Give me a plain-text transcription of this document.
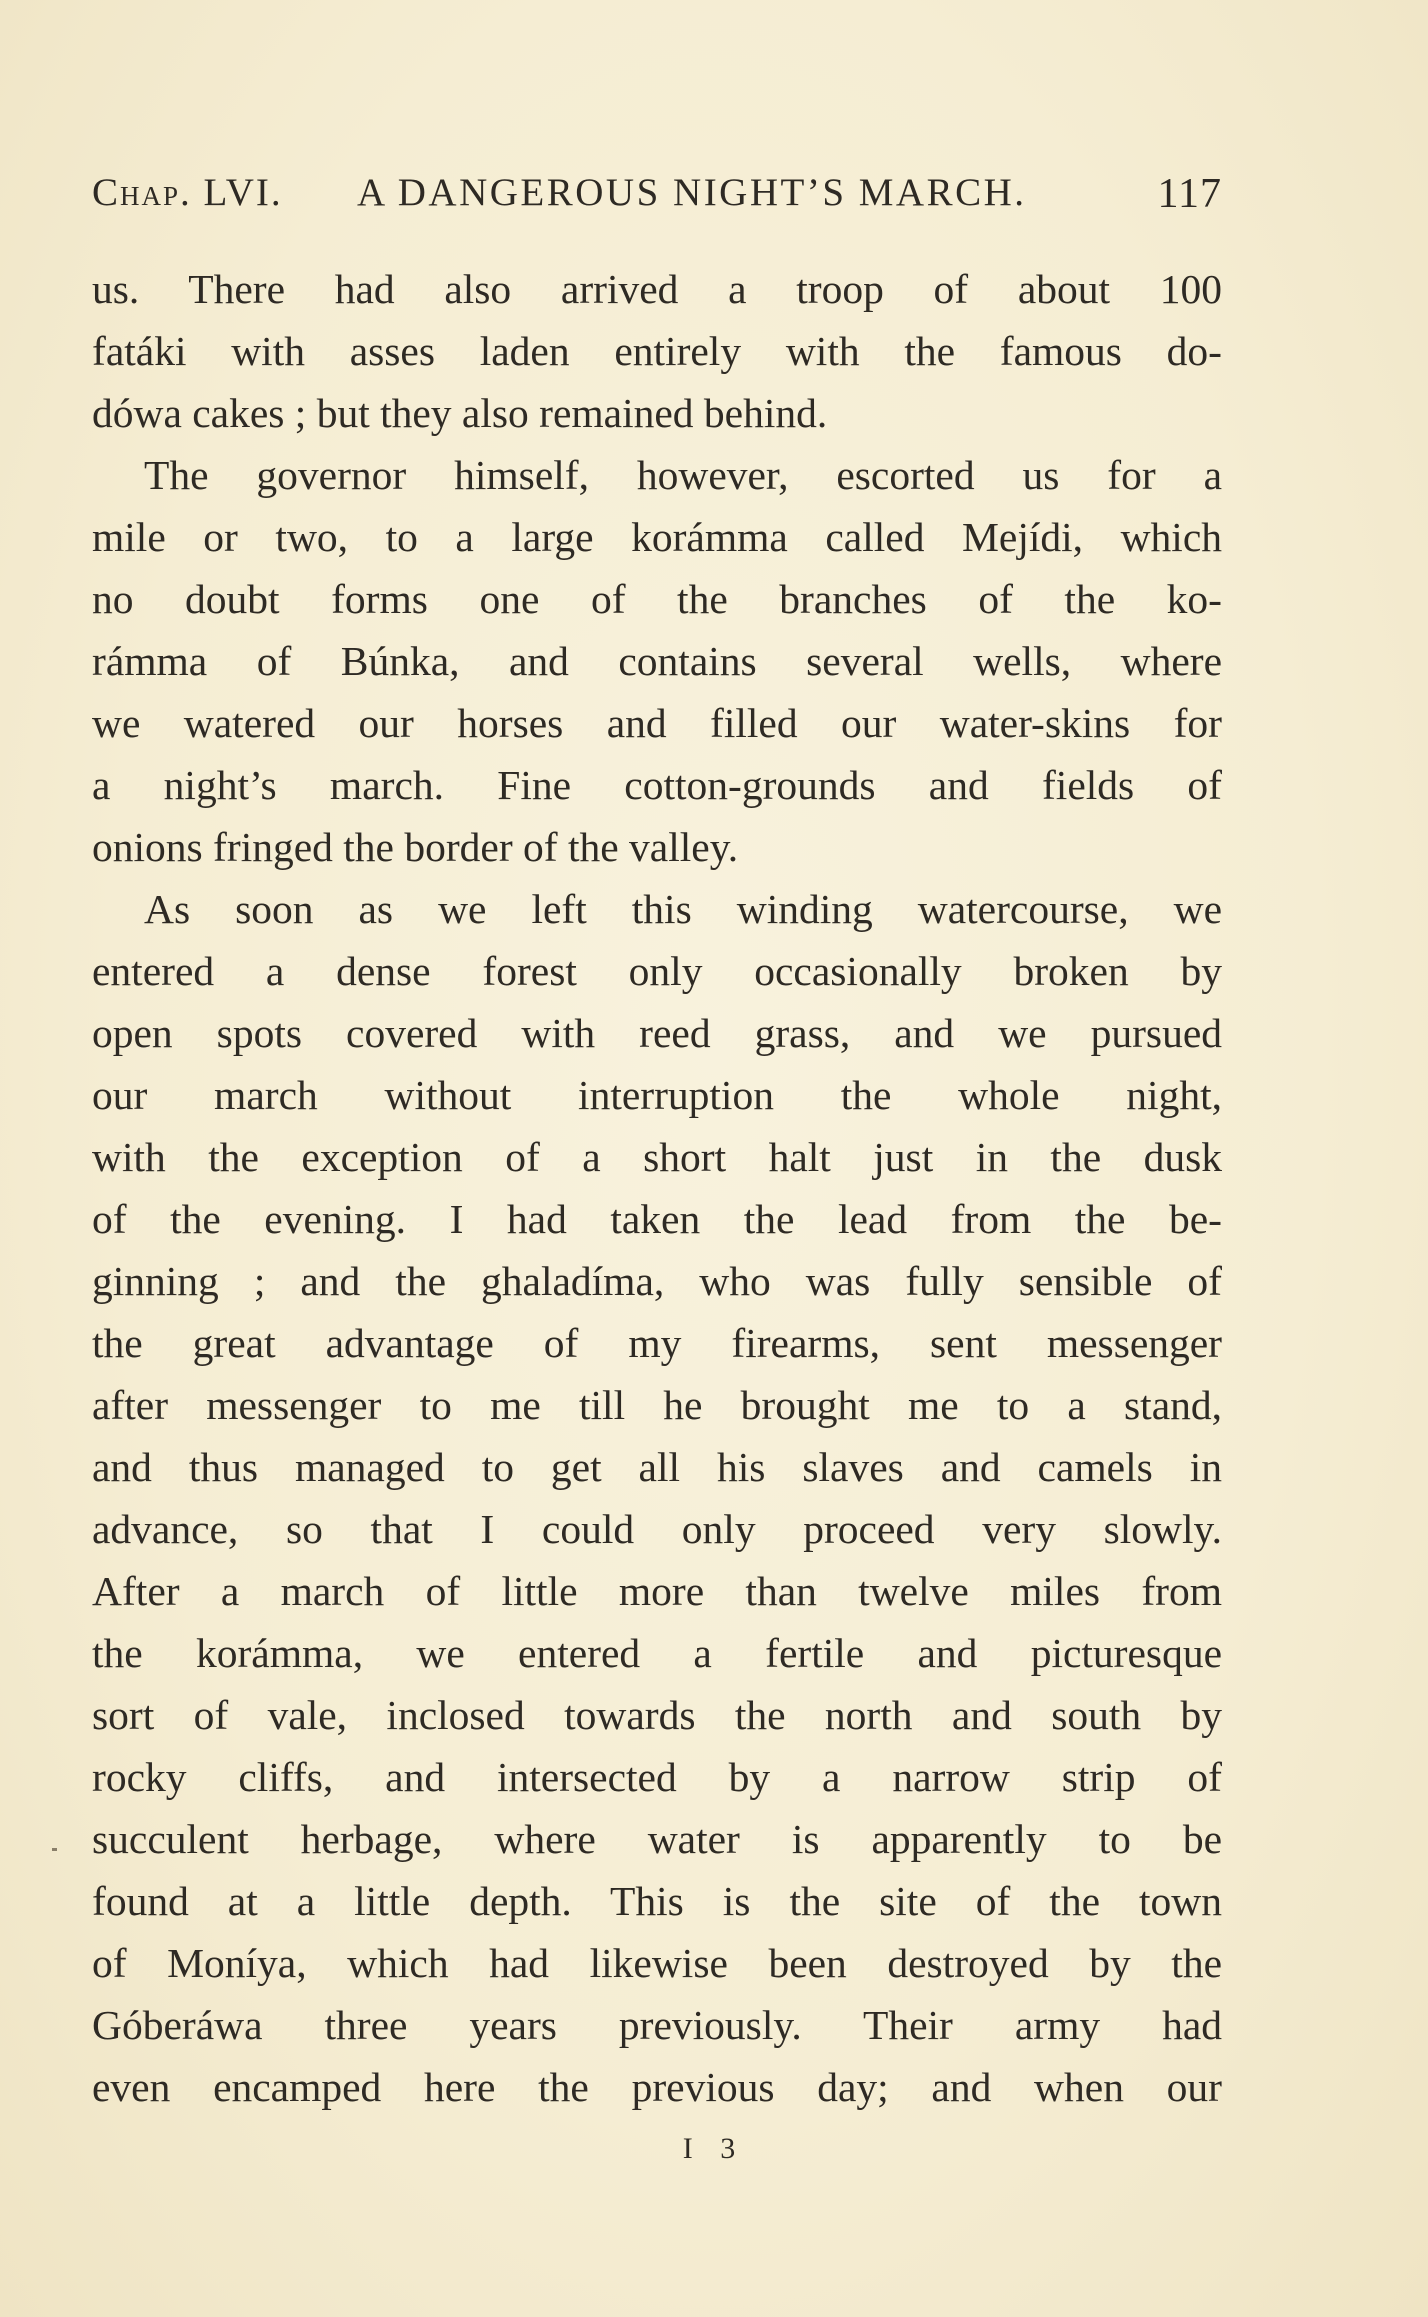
Chap. LVI. A DANGEROUS NIGHT’S MARCH.	117
us. There had also arrived a troop of about 100
fatáki with asses laden entirely with the famous do-
dówa cakes ; but they also remained behind.
The governor himself, however, escorted us for a
mile or two, to a large korámma called Mejídi, which
no doubt forms one of the branches of the ko-
rámma of Búnka, and contains several wells, where
we watered our horses and filled our water-skins for
a night’s march. Fine cotton-grounds and fields of
onions fringed the border of the valley.
As soon as we left this winding watercourse, we
entered a dense forest only occasionally broken by
open spots covered with reed grass, and we pursued
our march without interruption the whole night,
with the exception of a short halt just in the dusk
of the evening. I had taken the lead from the be-
ginning ; and the ghaladíma, who was fully sensible of
the great advantage of my firearms, sent messenger
after messenger to me till he brought me to a stand,
and thus managed to get all his slaves and camels in
advance, so that I could only proceed very slowly.
After a march of little more than twelve miles from
the korámma, we entered a fertile and picturesque
sort of vale, inclosed towards the north and south by
rocky cliffs, and intersected by a narrow strip of
succulent herbage, where water is apparently to be
found at a little depth. This is the site of the town
of Moníya, which had likewise been destroyed by the
Góberáwa three years previously. Their army had
even encamped here the previous day; and when our
I 3
